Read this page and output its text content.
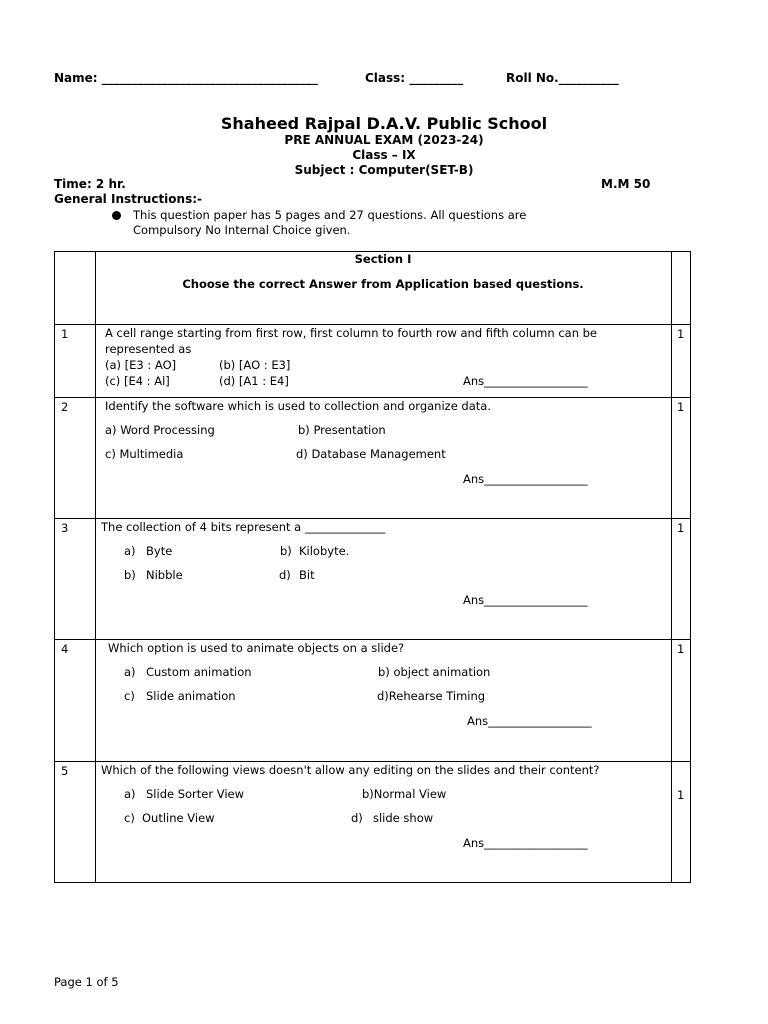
Name: ____________________________________	Class: _________	Roll No.__________
Shaheed Rajpal D.A.V. Public School
PRE ANNUAL EXAM (2023-24)
Class – IX
Subject : Computer(SET-B)
Time: 2 hr.	M.M 50
General Instructions:-
This question paper has 5 pages and 27 questions. All questions are
Compulsory No Internal Choice given.
Section I
Choose the correct Answer from Application based questions.
1	A cell range starting from first row, first column to fourth row and fifth column can be
represented as
(a) [E3 : AO]	(b) [AO : E3]
(c) [E4 : Al]	(d) [A1 : E4]	Ans__________________
1
2	Identify the software which is used to collection and organize data.
a) Word Processing	b) Presentation
c) Multimedia	d) Database Management
Ans__________________
1
3	The collection of 4 bits represent a ______________
a) Byte	b) Kilobyte.
b) Nibble	d) Bit
Ans__________________
1
4	Which option is used to animate objects on a slide?
a) Custom animation	b) object animation
c) Slide animation	d)Rehearse Timing
Ans__________________
1
5	Which of the following views doesn't allow any editing on the slides and their content?
a) Slide Sorter View	b)Normal View
c) Outline View	d) slide show
Ans__________________
1
Page 1 of 5
